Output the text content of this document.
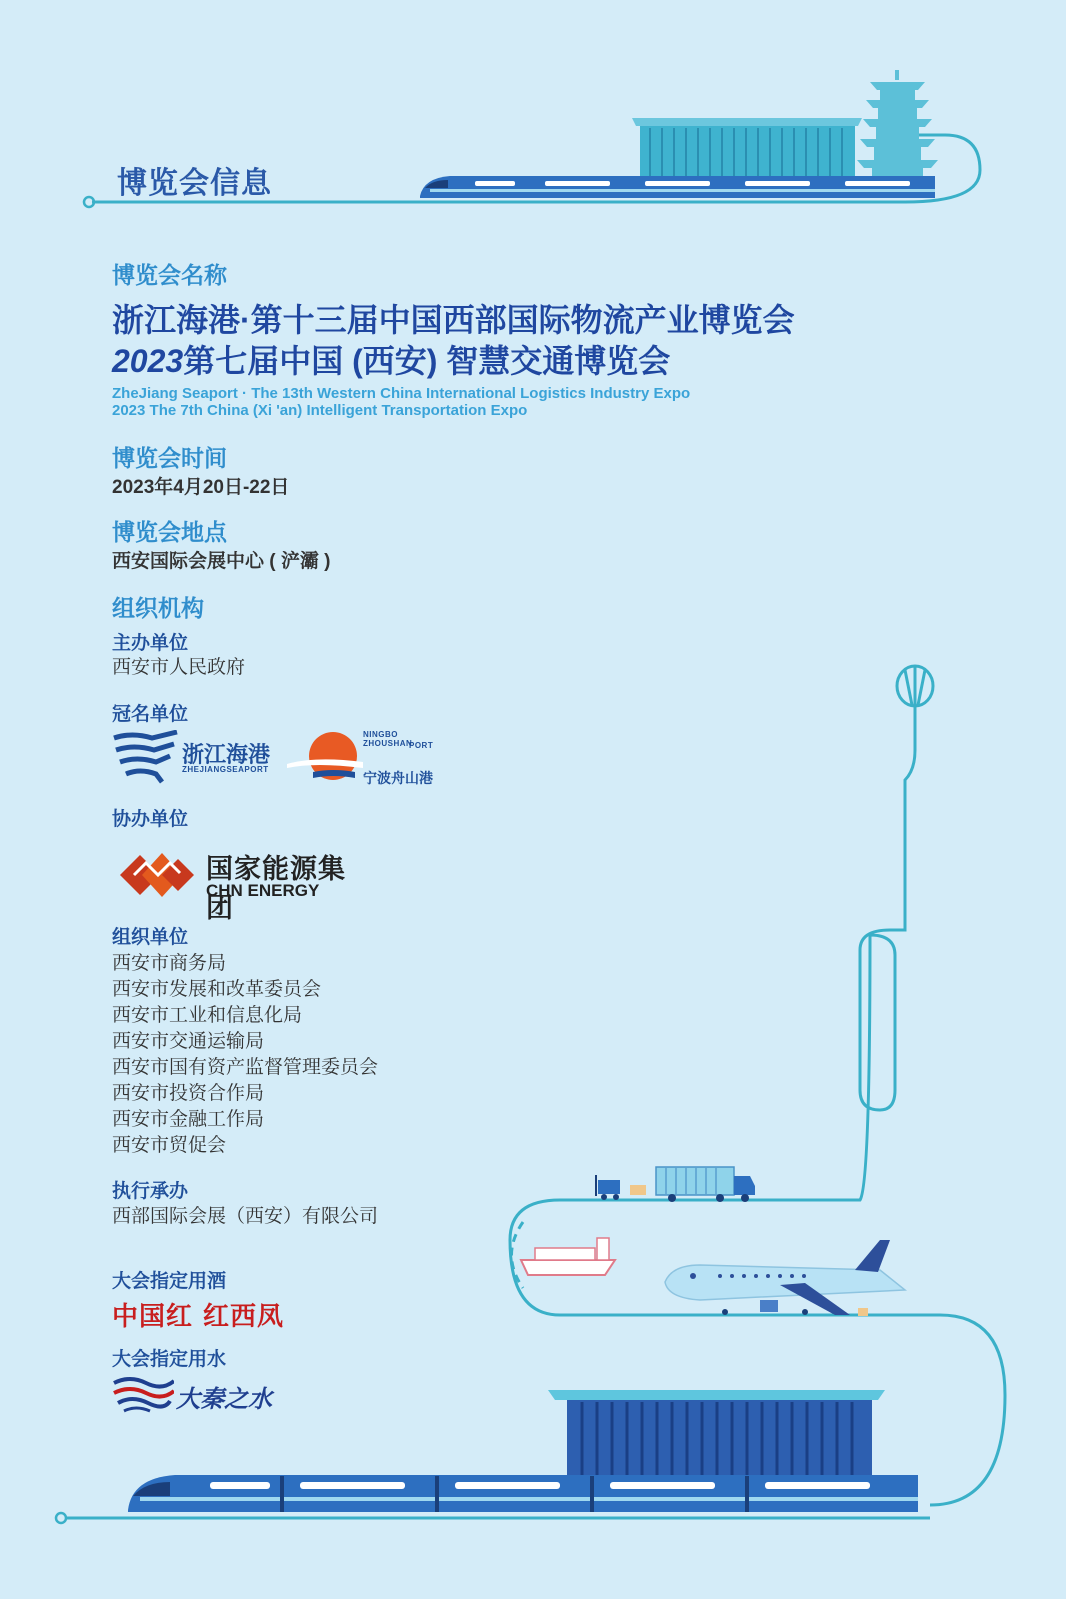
博览会信息
博览会名称
浙江海港·第十三届中国西部国际物流产业博览会
2023第七届中国 (西安) 智慧交通博览会
ZheJiang Seaport · The 13th Western China International Logistics Industry Expo
2023 The 7th China (Xi 'an) Intelligent Transportation Expo
博览会时间
2023年4月20日-22日
博览会地点
西安国际会展中心 ( 浐灞 )
组织机构
主办单位
西安市人民政府
冠名单位
浙江海港
ZHEJIANGSEAPORT
NINGBO ZHOUSHAN
PORT
宁波舟山港
协办单位
国家能源集团
CHN ENERGY
组织单位
西安市商务局
西安市发展和改革委员会
西安市工业和信息化局
西安市交通运输局
西安市国有资产监督管理委员会
西安市投资合作局
西安市金融工作局
西安市贸促会
执行承办
西部国际会展（西安）有限公司
大会指定用酒
中国红 红西凤
大会指定用水
大秦之水
